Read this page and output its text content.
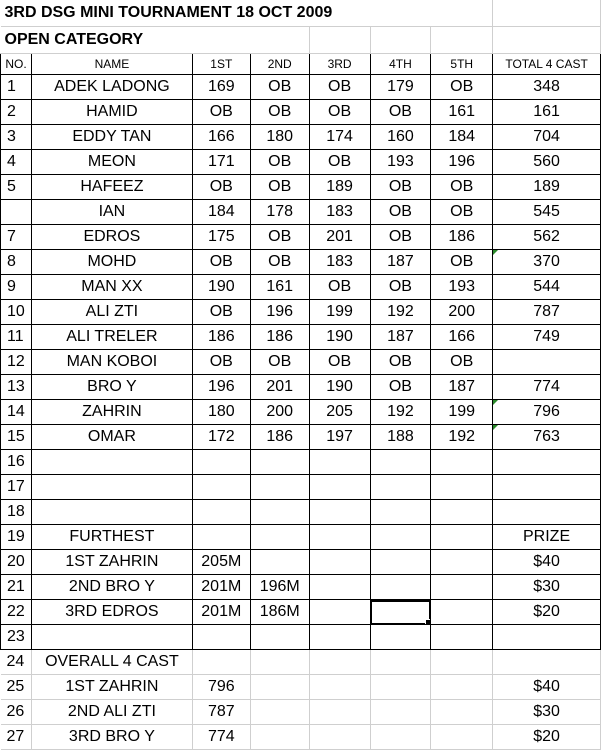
3RD DSG MINI TOURNAMENT 18 OCT 2009							
OPEN CATEGORY							
NO.	NAME	1ST	2ND	3RD	4TH	5TH	TOTAL 4 CAST
1	ADEK LADONG	169	OB	OB	179	OB	348
2	HAMID	OB	OB	OB	OB	161	161
3	EDDY TAN	166	180	174	160	184	704
4	MEON	171	OB	OB	193	196	560
5	HAFEEZ	OB	OB	189	OB	OB	189
	IAN	184	178	183	OB	OB	545
7	EDROS	175	OB	201	OB	186	562
8	MOHD	OB	OB	183	187	OB	370

9	MAN XX	190	161	OB	OB	193	544
10	ALI ZTI	OB	196	199	192	200	787
11	ALI TRELER	186	186	190	187	166	749
12	MAN KOBOI	OB	OB	OB	OB	OB	
13	BRO Y	196	201	190	OB	187	774
14	ZAHRIN	180	200	205	192	199	796

15	OMAR	172	186	197	188	192	763

16							
17							
18							
19	FURTHEST						PRIZE
20	1ST ZAHRIN	205M					$40
21	2ND BRO Y	201M	196M				$30
22	3RD EDROS	201M	186M				$20
23							
24	OVERALL 4 CAST						
25	1ST ZAHRIN	796					$40
26	2ND ALI ZTI	787					$30
27	3RD BRO Y	774					$20
